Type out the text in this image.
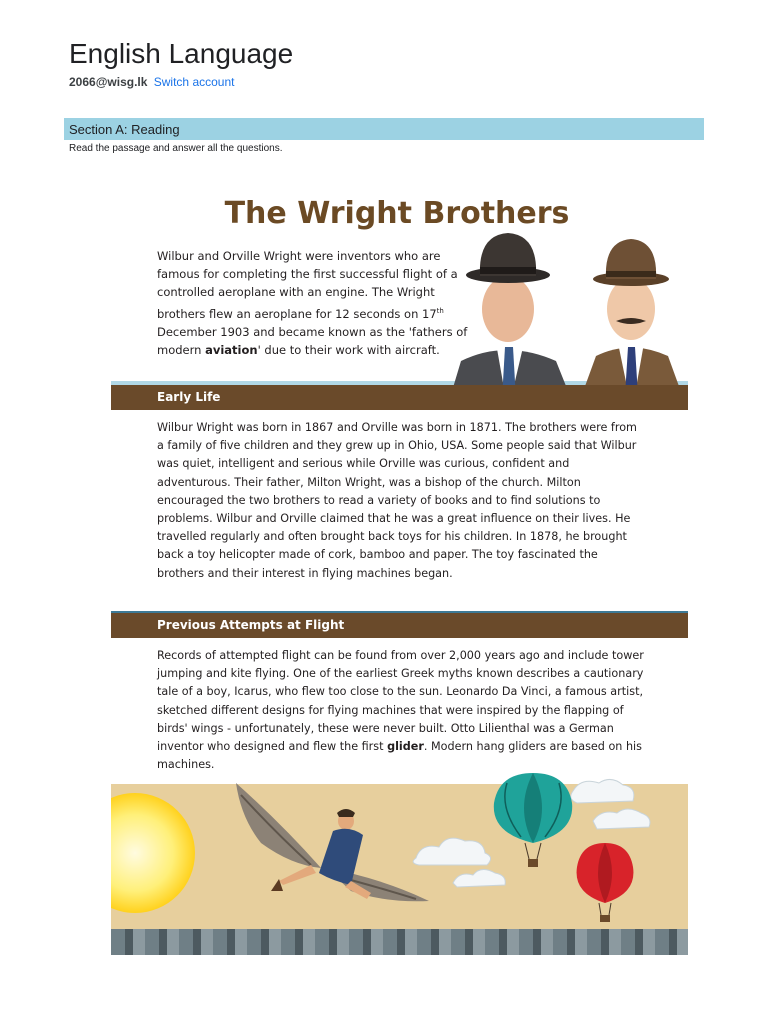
English Language
2066@wisg.lk Switch account
Section A: Reading
Read the passage and answer all the questions.
The Wright Brothers
Wilbur and Orville Wright were inventors who are famous for completing the first successful flight of a controlled aeroplane with an engine. The Wright brothers flew an aeroplane for 12 seconds on 17th December 1903 and became known as the 'fathers of modern aviation' due to their work with aircraft.
Early Life
Wilbur Wright was born in 1867 and Orville was born in 1871. The brothers were from a family of five children and they grew up in Ohio, USA. Some people said that Wilbur was quiet, intelligent and serious while Orville was curious, confident and adventurous. Their father, Milton Wright, was a bishop of the church. Milton encouraged the two brothers to read a variety of books and to find solutions to problems. Wilbur and Orville claimed that he was a great influence on their lives. He travelled regularly and often brought back toys for his children. In 1878, he brought back a toy helicopter made of cork, bamboo and paper. The toy fascinated the brothers and their interest in flying machines began.
Previous Attempts at Flight
Records of attempted flight can be found from over 2,000 years ago and include tower jumping and kite flying. One of the earliest Greek myths known describes a cautionary tale of a boy, Icarus, who flew too close to the sun. Leonardo Da Vinci, a famous artist, sketched different designs for flying machines that were inspired by the flapping of birds' wings - unfortunately, these were never built. Otto Lilienthal was a German inventor who designed and flew the first glider. Modern hang gliders are based on his machines.
